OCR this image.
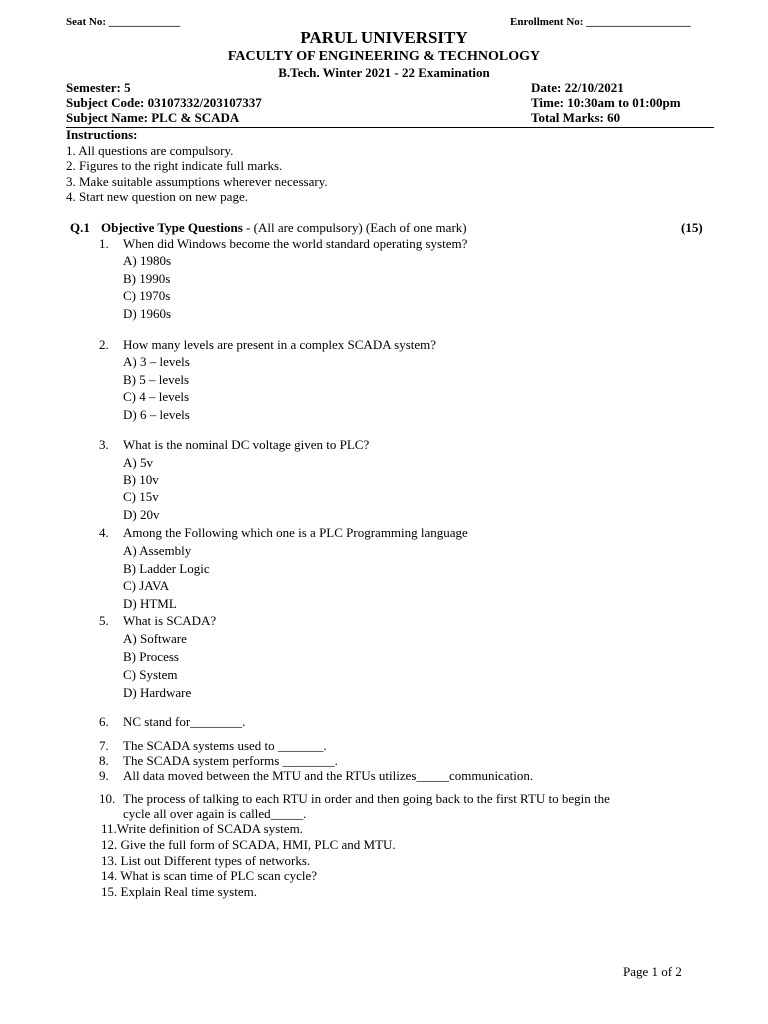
Seat No: _____________	Enrollment No: ___________________
PARUL UNIVERSITY
FACULTY OF ENGINEERING & TECHNOLOGY
B.Tech. Winter 2021 - 22 Examination
Semester: 5
Subject Code: 03107332/203107337
Subject Name: PLC & SCADA
Date: 22/10/2021
Time: 10:30am to 01:00pm
Total Marks: 60
Instructions:
1. All questions are compulsory.
2. Figures to the right indicate full marks.
3. Make suitable assumptions wherever necessary.
4. Start new question on new page.
Q.1 Objective Type Questions - (All are compulsory) (Each of one mark)	(15)
1. When did Windows become the world standard operating system?
A) 1980s
B) 1990s
C) 1970s
D) 1960s
2. How many levels are present in a complex SCADA system?
A) 3 – levels
B) 5 – levels
C) 4 – levels
D) 6 – levels
3. What is the nominal DC voltage given to PLC?
A) 5v
B) 10v
C) 15v
D) 20v
4. Among the Following which one is a PLC Programming language
A) Assembly
B) Ladder Logic
C) JAVA
D) HTML
5. What is SCADA?
A) Software
B) Process
C) System
D) Hardware
6. NC stand for________.
7. The SCADA systems used to _______.
8. The SCADA system performs ________.
9. All data moved between the MTU and the RTUs utilizes_____communication.
10. The process of talking to each RTU in order and then going back to the first RTU to begin the
cycle all over again is called_____.
11.Write definition of SCADA system.
12. Give the full form of SCADA, HMI, PLC and MTU.
13. List out Different types of networks.
14. What is scan time of PLC scan cycle?
15. Explain Real time system.
Page 1 of 2
